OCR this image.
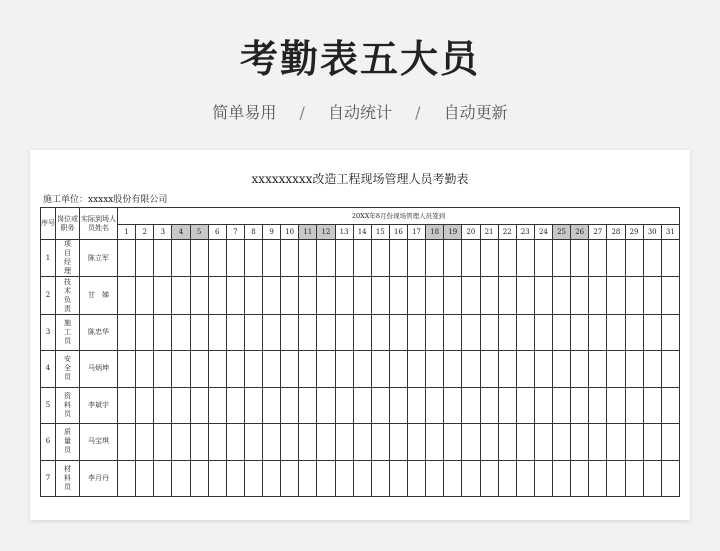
考勤表五大员
简单易用 / 自动统计 / 自动更新
xxxxxxxxx改造工程现场管理人员考勤表
施工单位：xxxxx股份有限公司
序号	岗位或职务	实际到场人员姓名	20XX年8月份现场管理人员签到																														
			1	2	3	4	5	6	7	8	9	10	11	12	13	14	15	16	17	18	19	20	21	22	23	24	25	26	27	28	29	30	31
1	项目经理	陈立军																															
2	技术负责	甘　娣																															
3	施工员	陈忠华																															
4	安全员	马炳坤																															
5	资料员	李斌宇																															
6	质量员	马宝琪																															
7	材料员	李月丹																															
